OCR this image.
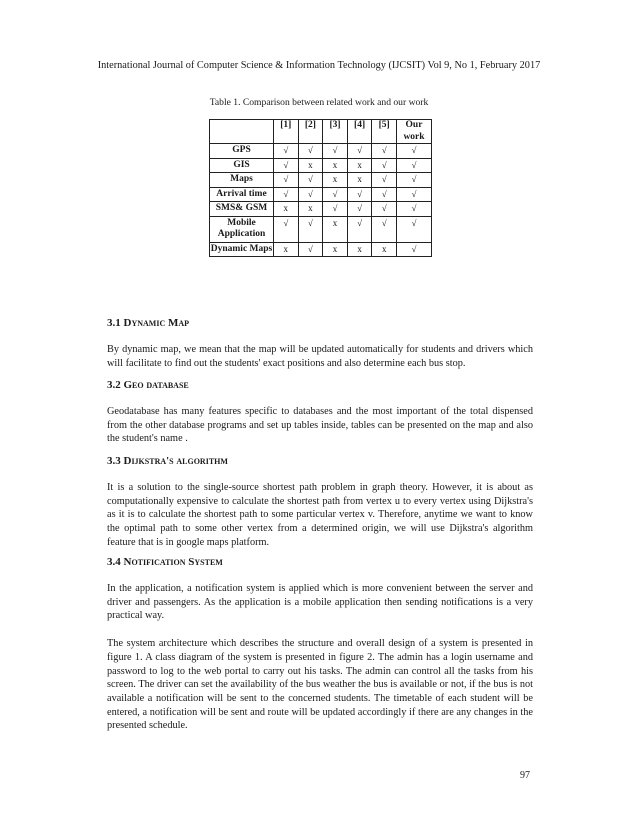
International Journal of Computer Science & Information Technology (IJCSIT) Vol 9, No 1, February 2017
Table 1. Comparison between related work and our work
	[1]	[2]	[3]	[4]	[5]	Our work
GPS	√	√	√	√	√	√
GIS	√	x	x	x	√	√
Maps	√	√	x	x	√	√
Arrival time	√	√	√	√	√	√
SMS& GSM	x	x	√	√	√	√
Mobile Application	√	√	x	√	√	√
Dynamic Maps	x	√	x	x	x	√
3.1 Dynamic Map

By dynamic map, we mean that the map will be updated automatically for students and drivers which will facilitate to find out the students' exact positions and also determine each bus stop.

3.2 Geo database

Geodatabase has many features specific to databases and the most important of the total dispensed from the other database programs and set up tables inside, tables can be presented on the map and also the student's name .

3.3 Dijkstra's algorithm

It is a solution to the single-source shortest path problem in graph theory. However, it is about as computationally expensive to calculate the shortest path from vertex u to every vertex using Dijkstra's as it is to calculate the shortest path to some particular vertex v. Therefore, anytime we want to know the optimal path to some other vertex from a determined origin, we will use Dijkstra's algorithm feature that is in google maps platform.

3.4 Notification System

In the application, a notification system is applied which is more convenient between the server and driver and passengers. As the application is a mobile application then sending notifications is a very practical way.

The system architecture which describes the structure and overall design of a system is presented in figure 1. A class diagram of the system is presented in figure 2. The admin has a login username and password to log to the web portal to carry out his tasks. The admin can control all the tasks from his screen. The driver can set the availability of the bus weather the bus is available or not, if the bus is not available a notification will be sent to the concerned students. The timetable of each student will be entered, a notification will be sent and route will be updated accordingly if there are any changes in the presented schedule.

97
